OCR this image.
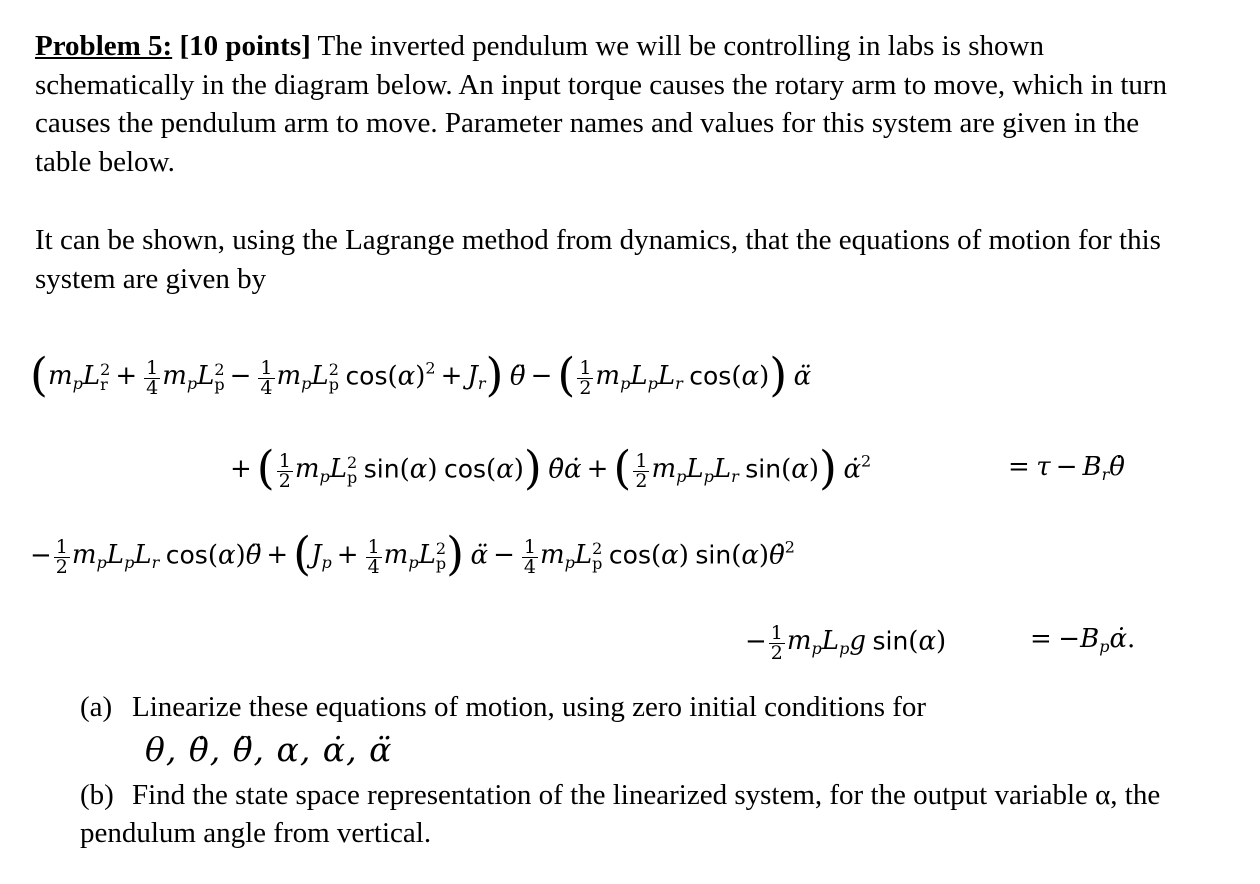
Problem 5: [10 points] The inverted pendulum we will be controlling in labs is shown schematically in the diagram below. An input torque causes the rotary arm to move, which in turn causes the pendulum arm to move. Parameter names and values for this system are given in the table below.

It can be shown, using the Lagrange method from dynamics, that the equations of motion for this system are given by

($m_pL$ 2
$r + \frac{1}{4} m_pL$ 2
$p - \frac{1}{4} m_pL$ 2
p $\cos(\alpha)^2 + J_r$) θ̈ − ( $\frac{1}{2} m_pL_pL_r$ cos(α)) α̈
+ ( $\frac{1}{2} m_pL$ 2
p sin(α) cos(α)) θ̇α̇ + ( $\frac{1}{2} m_pL_pL_r$ sin(α)) α̇$^2$	= $\tau - B_r\thetȧ$
− $\frac{1}{2} m_pL_pL_r$ cos(α)θ̈ + ($J_p + \frac{1}{4} m_pL$ 2
p ) α̈ − $\frac{1}{4} m_pL$ 2
p cos(α) sin(α)θ̇$^2$
− $\frac{1}{2} m_pL_pg$ sin(α)	= $-B_p\alphȧ$.

(a) Linearize these equations of motion, using zero initial conditions for

θ, θ̇, θ̈, α, α̇, α̈

(b) Find the state space representation of the linearized system, for the output variable α, the pendulum angle from vertical.
